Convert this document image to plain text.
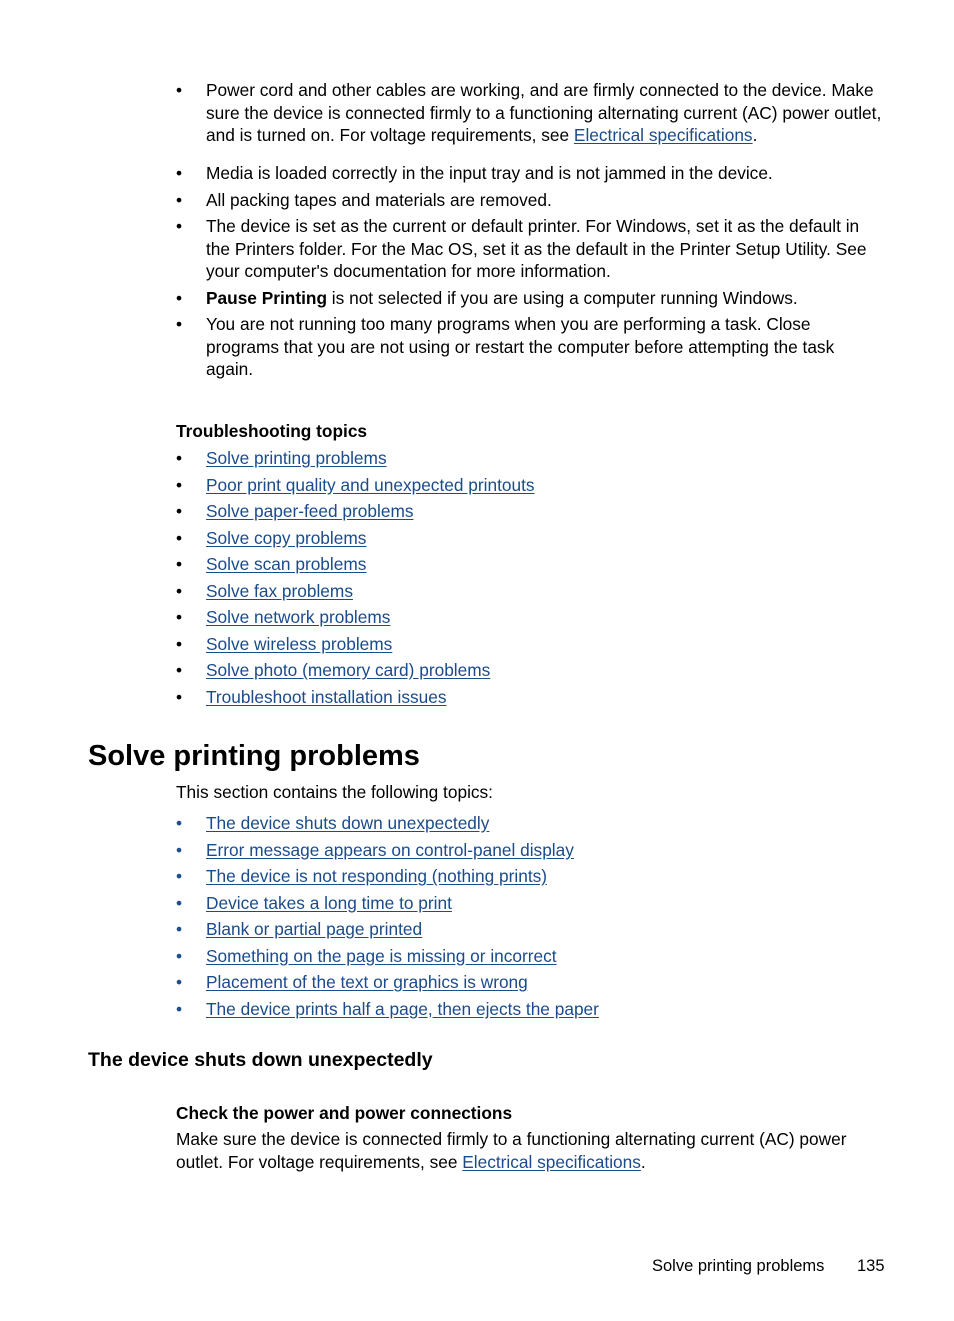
•	Power cord and other cables are working, and are firmly connected to the device. Make sure the device is connected firmly to a functioning alternating current (AC) power outlet, and is turned on. For voltage requirements, see Electrical specifications.
•	Media is loaded correctly in the input tray and is not jammed in the device.
•	All packing tapes and materials are removed.
•	The device is set as the current or default printer. For Windows, set it as the default in the Printers folder. For the Mac OS, set it as the default in the Printer Setup Utility. See your computer's documentation for more information.
•	Pause Printing is not selected if you are using a computer running Windows.
•	You are not running too many programs when you are performing a task. Close programs that you are not using or restart the computer before attempting the task again.
Troubleshooting topics
•	Solve printing problems
•	Poor print quality and unexpected printouts
•	Solve paper-feed problems
•	Solve copy problems
•	Solve scan problems
•	Solve fax problems
•	Solve network problems
•	Solve wireless problems
•	Solve photo (memory card) problems
•	Troubleshoot installation issues
Solve printing problems
This section contains the following topics:
•	The device shuts down unexpectedly
•	Error message appears on control-panel display
•	The device is not responding (nothing prints)
•	Device takes a long time to print
•	Blank or partial page printed
•	Something on the page is missing or incorrect
•	Placement of the text or graphics is wrong
•	The device prints half a page, then ejects the paper
The device shuts down unexpectedly
Check the power and power connections
Make sure the device is connected firmly to a functioning alternating current (AC) power outlet. For voltage requirements, see Electrical specifications.
Solve printing problems 135
